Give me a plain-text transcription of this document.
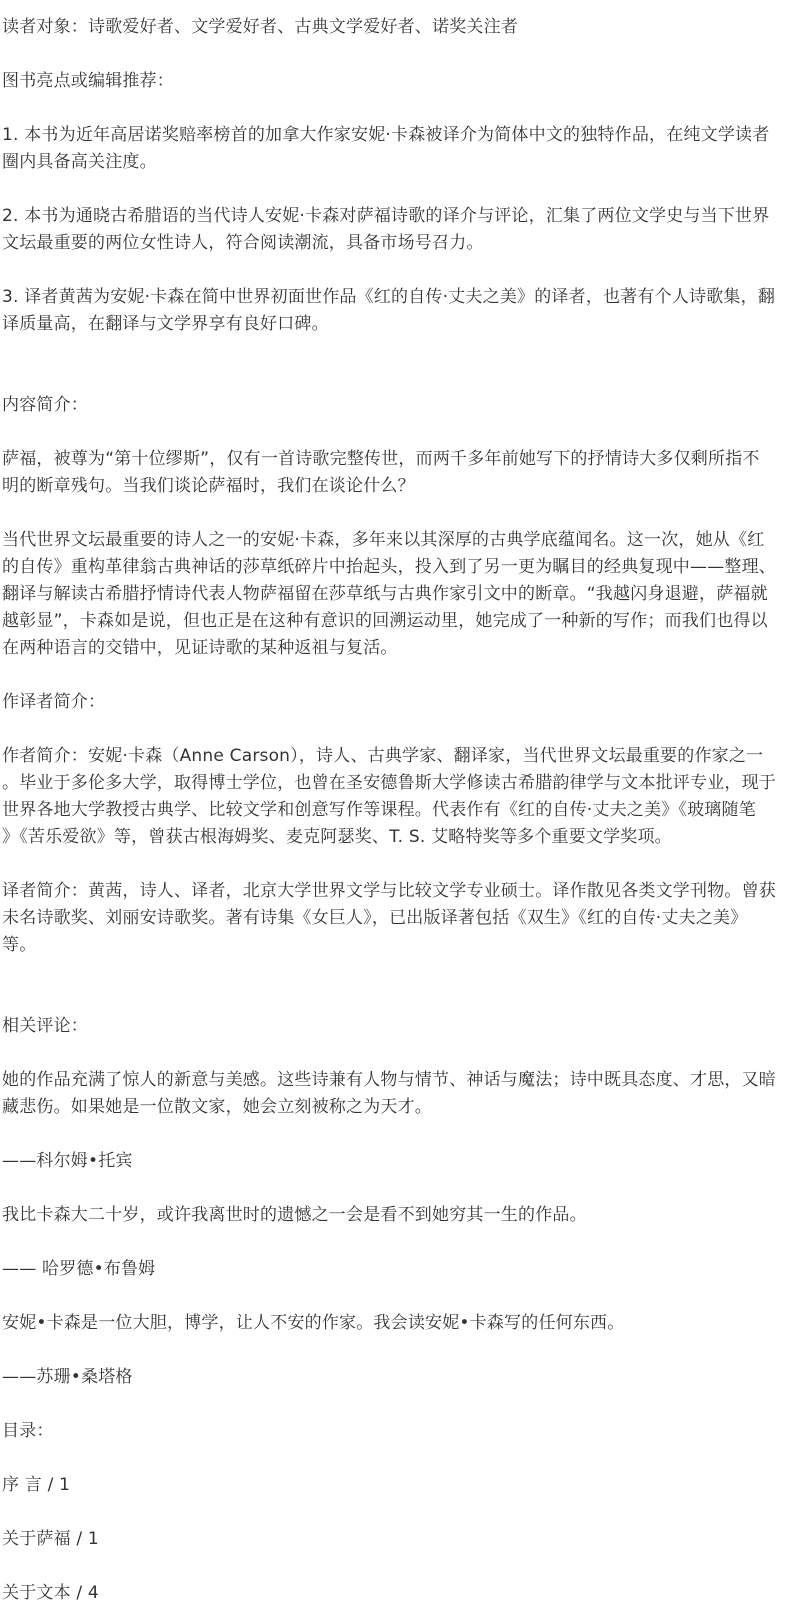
读者对象：诗歌爱好者、文学爱好者、古典文学爱好者、诺奖关注者
图书亮点或编辑推荐：
1. 本书为近年高居诺奖赔率榜首的加拿大作家安妮·卡森被译介为简体中文的独特作品，在纯文学读者
圈内具备高关注度。
2. 本书为通晓古希腊语的当代诗人安妮·卡森对萨福诗歌的译介与评论，汇集了两位文学史与当下世界
文坛最重要的两位女性诗人，符合阅读潮流，具备市场号召力。
3. 译者黄茜为安妮·卡森在简中世界初面世作品《红的自传·丈夫之美》的译者，也著有个人诗歌集，翻
译质量高，在翻译与文学界享有良好口碑。
内容简介：
萨福，被尊为“第十位缪斯”，仅有一首诗歌完整传世，而两千多年前她写下的抒情诗大多仅剩所指不
明的断章残句。当我们谈论萨福时，我们在谈论什么？
当代世界文坛最重要的诗人之一的安妮·卡森，多年来以其深厚的古典学底蕴闻名。这一次，她从《红
的自传》重构革律翁古典神话的莎草纸碎片中抬起头，投入到了另一更为瞩目的经典复现中——整理、
翻译与解读古希腊抒情诗代表人物萨福留在莎草纸与古典作家引文中的断章。“我越闪身退避，萨福就
越彰显”，卡森如是说，但也正是在这种有意识的回溯运动里，她完成了一种新的写作；而我们也得以
在两种语言的交错中，见证诗歌的某种返祖与复活。
作译者简介：
作者简介：安妮·卡森（Anne Carson），诗人、古典学家、翻译家，当代世界文坛最重要的作家之一
。毕业于多伦多大学，取得博士学位，也曾在圣安德鲁斯大学修读古希腊韵律学与文本批评专业，现于
世界各地大学教授古典学、比较文学和创意写作等课程。代表作有《红的自传·丈夫之美》《玻璃随笔
》《苦乐爱欲》等，曾获古根海姆奖、麦克阿瑟奖、T. S. 艾略特奖等多个重要文学奖项。
译者简介：黄茜，诗人、译者，北京大学世界文学与比较文学专业硕士。译作散见各类文学刊物。曾获
未名诗歌奖、刘丽安诗歌奖。著有诗集《女巨人》，已出版译著包括《双生》《红的自传·丈夫之美》
等。
相关评论：
她的作品充满了惊人的新意与美感。这些诗兼有人物与情节、神话与魔法；诗中既具态度、才思，又暗
藏悲伤。如果她是一位散文家，她会立刻被称之为天才。
——科尔姆•托宾
我比卡森大二十岁，或许我离世时的遗憾之一会是看不到她穷其一生的作品。
—— 哈罗德•布鲁姆
安妮•卡森是一位大胆，博学，让人不安的作家。我会读安妮•卡森写的任何东西。
——苏珊•桑塔格
目录：
序 言 / 1
关于萨福 / 1
关于文本 / 4
